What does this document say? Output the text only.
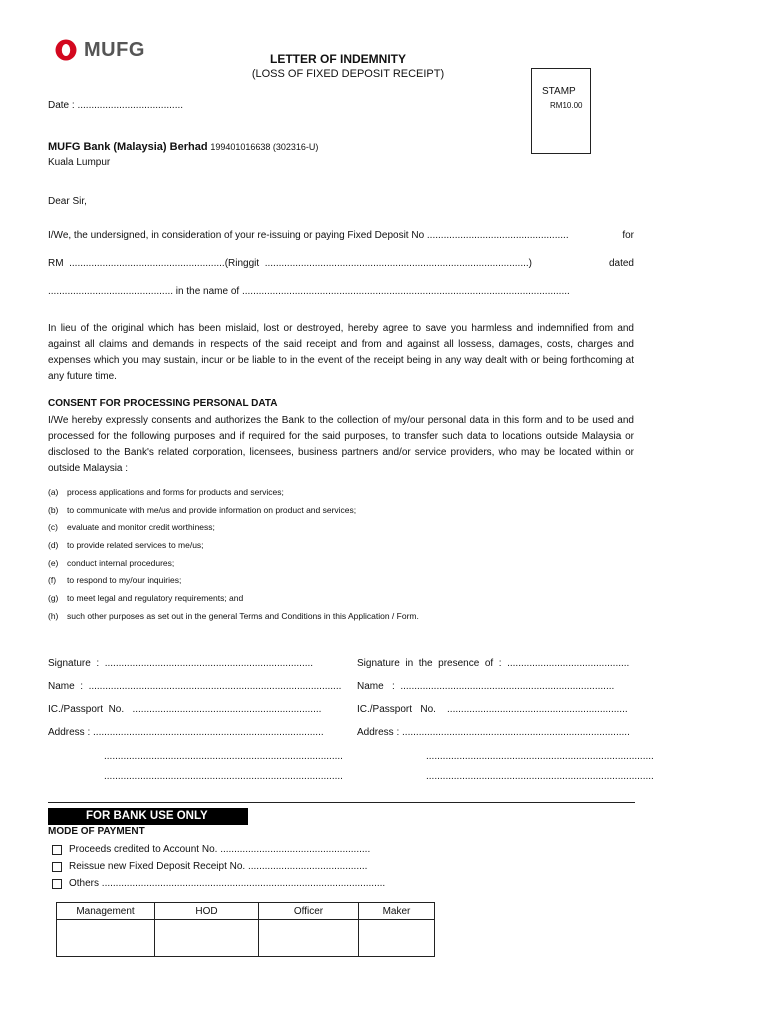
MUFG	LETTER OF INDEMNITY
(LOSS OF FIXED DEPOSIT RECEIPT)
STAMP
RM10.00
Date : ......................................
MUFG Bank (Malaysia) Berhad 199401016638 (302316-U)
Kuala Lumpur
Dear Sir,
I/We, the undersigned, in consideration of your re-issuing or paying Fixed Deposit No ...................................................	for
RM  ........................................................(Ringgit  ...............................................................................................)	dated
............................................. in the name of ......................................................................................................................
In lieu of the original which has been mislaid, lost or destroyed, hereby agree to save you harmless and indemnified from and against all claims and demands in respects of the said receipt and from and against all lossess, damages, costs, charges and expenses which you may sustain, incur or be liable to in the event of the receipt being in any way dealt with or being forthcoming at any future time.
CONSENT FOR PROCESSING PERSONAL DATA
I/We hereby expressly consents and authorizes the Bank to the collection of my/our personal data in this form and to be used and processed for the following purposes and if required for the said purposes, to transfer such data to locations outside Malaysia or disclosed to the Bank's related corporation, licensees, business partners and/or service providers, who may be located within or outside Malaysia :
(a)	process applications and forms for products and services;
(b)	to communicate with me/us and provide information on product and services;
(c)	evaluate and monitor credit worthiness;
(d)	to provide related services to me/us;
(e)	conduct internal procedures;
(f)	to respond to my/our inquiries;
(g)	to meet legal and regulatory requirements; and
(h)	such other purposes as set out in the general Terms and Conditions in this Application / Form.
Signature  :  ...........................................................................
Name  :  ...........................................................................................
IC./Passport  No.   ....................................................................
Address : ...................................................................................
......................................................................................
......................................................................................
Signature  in  the  presence  of  :  ............................................
Name   :  .............................................................................
IC./Passport   No.    .................................................................
Address : ..................................................................................
..................................................................................
..................................................................................
FOR BANK USE ONLY
MODE OF PAYMENT
Proceeds credited to Account No. ......................................................
Reissue new Fixed Deposit Receipt No. ...........................................
Others ......................................................................................................
Management	HOD	Officer	Maker
